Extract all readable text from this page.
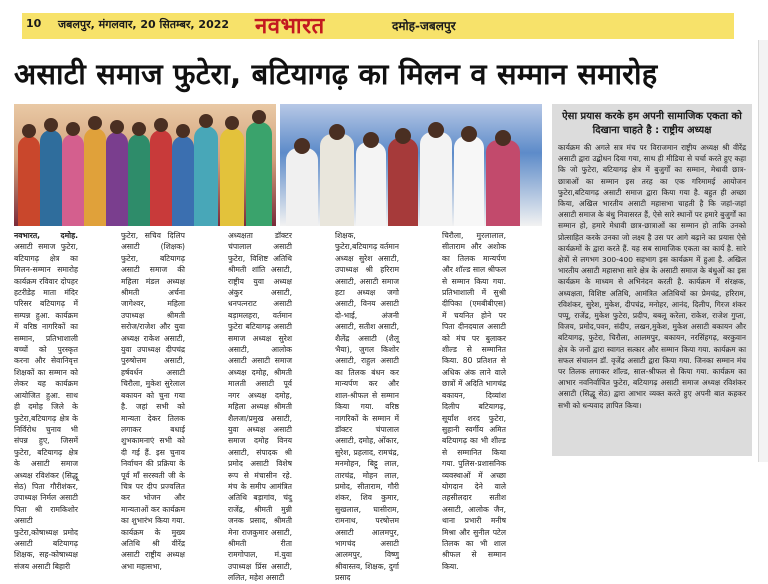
10 जबलपुर, मंगलवार, 20 सितम्बर, 2022 नवभारत	दमोह-जबलपुर
असाटी समाज फुटेरा, बटियागढ़ का मिलन व सम्मान समारोह
नवभारत, दमोह. असाटी समाज फुटेरा, बटियागढ़ क्षेत्र का मिलन-सम्मान समारोह कार्यक्रम रविवार दोपहर हटरीडेह माता मंदिर परिसर बटियागढ़ में सम्पन्न हुआ. कार्यक्रम में वरिष्ठ नागरिकों का सम्मान, प्रतिभाशाली बच्चों को पुरस्कृत करना और सेवानिवृत्त शिक्षकों का सम्मान को लेकर यह कार्यक्रम आयोजित हुआ. साथ ही दमोह जिले के फुटेरा,बटियागढ़ क्षेत्र के निर्विरोध चुनाव भी संपन्न हुए, जिसमें फुटेरा, बटियागढ़ क्षेत्र के असाटी समाज अध्यक्ष रविशंकर (सिद्धू सेठ) पिता गौरीशंकर, उपाध्यक्ष निर्मल असाटी पिता श्री रामकिशोर असाटी फुटेरा,कोषाध्यक्ष प्रमोद असाटी बटियागढ़ शिक्षक, सह-कोषाध्यक्ष संजय असाटी बिहारी
फुटेरा, सचिव दिलिप असाटी (शिक्षक) फुटेरा, बटियागढ़ असाटी समाज की महिला मंडल अध्यक्ष श्रीमती अर्चना जागेश्वर, महिला उपाध्यक्ष श्रीमती सरोज/राजेश और युवा अध्यक्ष राकेश असाटी, युवा उपाध्यक्ष दीपचंद्र पुरुषोत्तम असाटी, हर्षवर्धन असाटी चिरौला, मुकेश सुरेलाल बकायन को चुना गया है. जहां सभी को मान्यता देकर तिलक लगाकर बधाई शुभकामनाएं सभी को दी गई हैं. इस चुनाव निर्वाचन की प्रक्रिया के पूर्व माँ सरस्वती जी के चित्र पर दीप प्रज्वलित कर भोजन और मान्यताओं कर कार्यक्रम का शुभारंभ किया गया. कार्यक्रम के मुख्य अतिथि श्री वीरेंद्र असाटी राष्ट्रीय अध्यक्ष अभा महासभा,
अध्यक्षता डॉक्टर चंपालाल असाटी फुटेरा, विशिष्ट अतिथि श्रीमती शांति असाटी, राष्ट्रीय युवा अध्यक्ष अंकुर असाटी, धनपत्नराट असाटी बड़ामलहरा, वर्तमान फुटेरा बटियागढ़ असाटी समाज अध्यक्ष सुरेश असाटी, आलोक असाटी असाटी समाज अध्यक्ष दमोह, श्रीमती मालती असाटी पूर्व नगर अध्यक्ष दमोह, महिला अध्यक्ष श्रीमती शैलजा/प्रमुख असाटी, युवा अध्यक्ष असाटी समाज दमोह विनय असाटी, संपादक श्री प्रमोद असाटी विशेष रूप से मंचासीन रहे. मंच के समीप आमंत्रित अतिथि बड़ागांव, चंदु राजेंद्र, श्रीमती मुन्नी जनक प्रसाद, श्रीमती मेना राजकुमार असाटी, श्रीमती रीता रामगोपाल, मं.युवा उपाध्यक्ष प्रिंस असाटी, ललित, महेश असाटी
शिक्षक, फुटेरा,बटियागढ़ वर्तमान अध्यक्ष सुरेश असाटी, उपाध्यक्ष श्री हरिराम असाटी, असाटी समाज हटा अध्यक्ष जगो असाटी, विनय असाटी दो-भाई, अंजनी असाटी, सतीश असाटी, शैलेंद्र असाटी (शैलू भैया), जुगल किशोर असाटी, राहुल असाटी का तिलक बंधन कर मान्यर्पण कर और शाल-श्रीफल से सम्मान किया गया. वरिष्ठ नागरिकों के सम्मान में डॉक्टर चंपालाल असाटी, दमोह, ओंकार, सुरेश, प्रहलाद, रामचंद्र, मनमोहन, बिट्टू लाल, तारचंद्र, मोहन लाल, प्रमोद, सीताराम, गौरी शंकर, शिव कुमार, सुखलाल, घासीराम, रामनाथ, परषोत्तम असाटी आलमपुर, भागचंद असाटी आलमपुर, विष्णु श्रीवास्तव, शिक्षक, दुर्गा प्रसाद
चिरौला, मुरलालाल, सीताराम और अशोक का तिलक मान्यर्पण और शॉल्ड साल श्रीफल से सम्मान किया गया. प्रतिभाशाली में सुश्री दीपिका (एमबीबीएस) में चयनित होने पर पिता दीनदयाल असाटी को मंच पर बुलाकर शील्ड से सम्मानित किया. 80 प्रतिशत से अधिक अंक लाने वाले छात्रों में अदिति भागचंद्र बकायन, दिव्यांश दिलीप बटियागढ़, सूर्यांश शरद फुटेरा, सुहानी स्वर्गीय अमित बटियागढ़ का भी शील्ड से सम्मानित किया गया. पुलिस-प्रशासनिक व्यवस्थाओं में अच्छा योगदान देने वाले तहसीलदार सतीश असाटी, आलोक जैन, थाना प्रभारी मनीष मिश्रा और सुनील पटेल तिलक का भी शाल श्रीफल से सम्मान किया.
ऐसा प्रयास करके हम अपनी सामाजिक एकता को दिखाना चाहते है : राष्ट्रीय अध्यक्ष
कार्यक्रम की अगले सत्र मंच पर विराजमान राष्ट्रीय अध्यक्ष श्री वीरेंद्र असाटी द्वारा उद्बोधन दिया गया, साथ ही मीडिया से चर्चा करते हुए कहा कि जो फुटेरा, बटियागढ़ क्षेत्र में बुजुर्गों का सम्मान, मेधावी छात्र-छात्राओं का सम्मान इस तरह का एक गरिमामई आयोजन फुटेरा,बटियागढ़ असाटी समाज द्वारा किया गया है. बहुत ही अच्छा किया, अखिल भारतीय असाटी महासभा चाहती है कि जहां-जहां असाटी समाज के बंधु निवासरत हैं, ऐसे सारे स्थानों पर हमारे बुजुर्गों का सम्मान हो, हमारे मेधावी छात्र-छात्राओं का सम्मान हो ताकि उनको प्रोत्साहित करके उनका जो लक्ष्य है उस पर आगे बढ़ाने का प्रयास ऐसे कार्यक्रमों के द्वारा करते हैं. यह सब सामाजिक एकता का कार्य है. सारे क्षेत्रों से लगभग 300-400 सहभाग इस कार्यक्रम में हुआ है. अखिल भारतीय असाटी महासभा सारे क्षेत्र के असाटी समाज के बंधुओं का इस कार्यक्रम के माध्यम से अभिनंदन करती है. कार्यक्रम में संरक्षक, अध्यक्षता, विशिष्ट अतिथि, आमंत्रित अतिथियों का प्रेमचंद्र, हरिराम, रविशंकर, सुरेश, मुकेश, दीपचंद्र, मनोहर, आनंद, दिलीप, गिरज शंकर पप्पू, राजेंद्र, मुकेश फुटेरा, प्रदीप, बबलू करेला, राकेश, राजेश गुप्ता, विजय, प्रमोद,पवन, संदीप, लखन,मुकेश, मुकेश असाटी बकायन और बटियागढ़, फुटेरा, चिरौला, आलमपुर, बकायन, नरसिंहगढ़, बरकुवान क्षेत्र के जनों द्वारा स्वागत सत्कार और सम्मान किया गया. कार्यक्रम का सफल संचालन डॉ. वृजेंद्र असाटी द्वारा किया गया. जिनका सम्मान मंच पर तिलक लगाकर शॉल्ड, साल-श्रीफल से किया गया. कार्यक्रम का आभार नवनिर्वाचित फुटेरा, बटियागढ़ असाटी समाज अध्यक्ष रविशंकर असाटी (सिद्धू सेठ) द्वारा आभार व्यक्त करते हुए अपनी बात कहकर सभी को धन्यवाद ज्ञापित किया।
